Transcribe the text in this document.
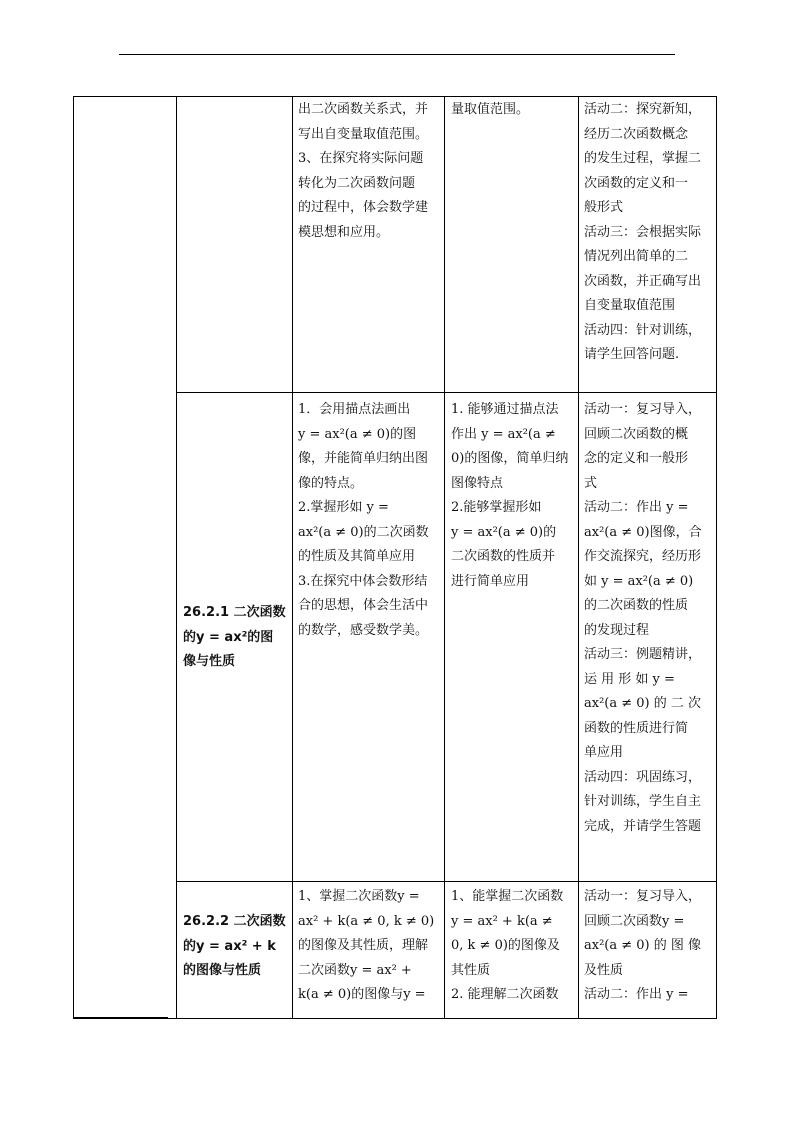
出二次函数关系式，并
写出自变量取值范围。
3、在探究将实际问题
转化为二次函数问题
的过程中，体会数学建
模思想和应用。
量取值范围。	活动二：探究新知，
经历二次函数概念
的发生过程，掌握二
次函数的定义和一
般形式
活动三：会根据实际
情况列出简单的二
次函数，并正确写出
自变量取值范围
活动四：针对训练，
请学生回答问题.
26.2.1 二次函数
的y = ax²的图
像与性质
1．会用描点法画出
y = ax²(a ≠ 0)的图
像，并能简单归纳出图
像的特点。
2.掌握形如 y =
ax²(a ≠ 0)的二次函数
的性质及其简单应用
3.在探究中体会数形结
合的思想，体会生活中
的数学，感受数学美。
1. 能够通过描点法
作出 y = ax²(a ≠
0)的图像，简单归纳
图像特点
2.能够掌握形如
y = ax²(a ≠ 0)的
二次函数的性质并
进行简单应用
活动一：复习导入，
回顾二次函数的概
念的定义和一般形
式
活动二：作出 y =
ax²(a ≠ 0)图像，合
作交流探究，经历形
如 y = ax²(a ≠ 0)
的二次函数的性质
的发现过程
活动三：例题精讲，
运 用 形 如 y =
ax²(a ≠ 0) 的 二 次
函数的性质进行简
单应用
活动四：巩固练习，
针对训练，学生自主
完成，并请学生答题
26.2.2 二次函数
的y = ax² + k
的图像与性质
1、掌握二次函数y =
ax² + k(a ≠ 0, k ≠ 0)
的图像及其性质，理解
二次函数y = ax² +
k(a ≠ 0)的图像与y =
1、能掌握二次函数
y = ax² + k(a ≠
0, k ≠ 0)的图像及
其性质
2. 能理解二次函数
活动一：复习导入，
回顾二次函数y =
ax²(a ≠ 0) 的 图 像
及性质
活动二：作出 y =
